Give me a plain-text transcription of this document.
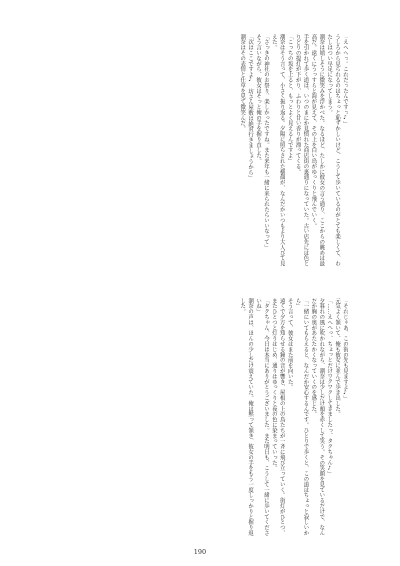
「えへへっ。これだったんですっ♪」
うしろから見られるのはちょっと恥ずかしいけど、こうして歩いているのがとても楽しくて、わたしはつい早足になってしまう。
潮奈は嬉しそうに微笑みを浮かべた。なるほど、たしかに彼女の言う通り、ここからの眺めは最高だ。遠くにうっすらと海が見えて、その上を白い鳥がゆっくりと飛んでいく。
手を引かれて歩く道は、いつのまにか見慣れた商店街の裏通りになっていた。古い店先には色とりどりの提灯が下がり、ふわりと甘い香りが漂ってくる。
「こっちの坂を上ると、もっとよく見えるんですよ」
潮奈はそう言って、小さく振り返る。夕陽に照らされた横顔が、なんだかいつもより大人びて見えた。
「さっきの神社のお祭り、楽しかったですね。また来年も一緒に来られたらいいなって」
そう言いながら、彼女はそっと俺の手を握り直した。
「次はここですよ♪　坊さん屋敷は絶対行きましょうから」
潮奈はその表情と仕草を見て微笑んだ。
「それじゃあ、この街の先も見ますよ♪」
元気よく頷いて、俺も彼女に並んで歩き出した。
「……えへへっ、ちょっとだけワクワクしてきましたっ、タクちゃん♪」
夕暮れの風に吹かれながら、潮奈は少しだけ頬を赤くして笑う。その笑顔を見ているだけで、なんだか胸の奥があたたかくなっていくのを感じた。
「一緒にいてもらえると、なんだか安心するんです。ひとりで歩くと、この道はちょっと寂しいから」
そう言って、彼女はまた前を向いた。
遠くで夕方を知らせる鐘の音が響き、屋根の上の鳥たちが一斉に飛び立っていく。街灯がひとつ、またひとつと灯りはじめ、通りはゆっくりと夜の色に染まっていった。
「タクちゃん、今日は本当にありがとうございました。また明日も、こうして一緒に歩いてくださいね」
潮奈の声は、ほんの少しだけ震えていた。俺は黙って頷き、彼女の手をもう一度しっかりと握り返した。
190
